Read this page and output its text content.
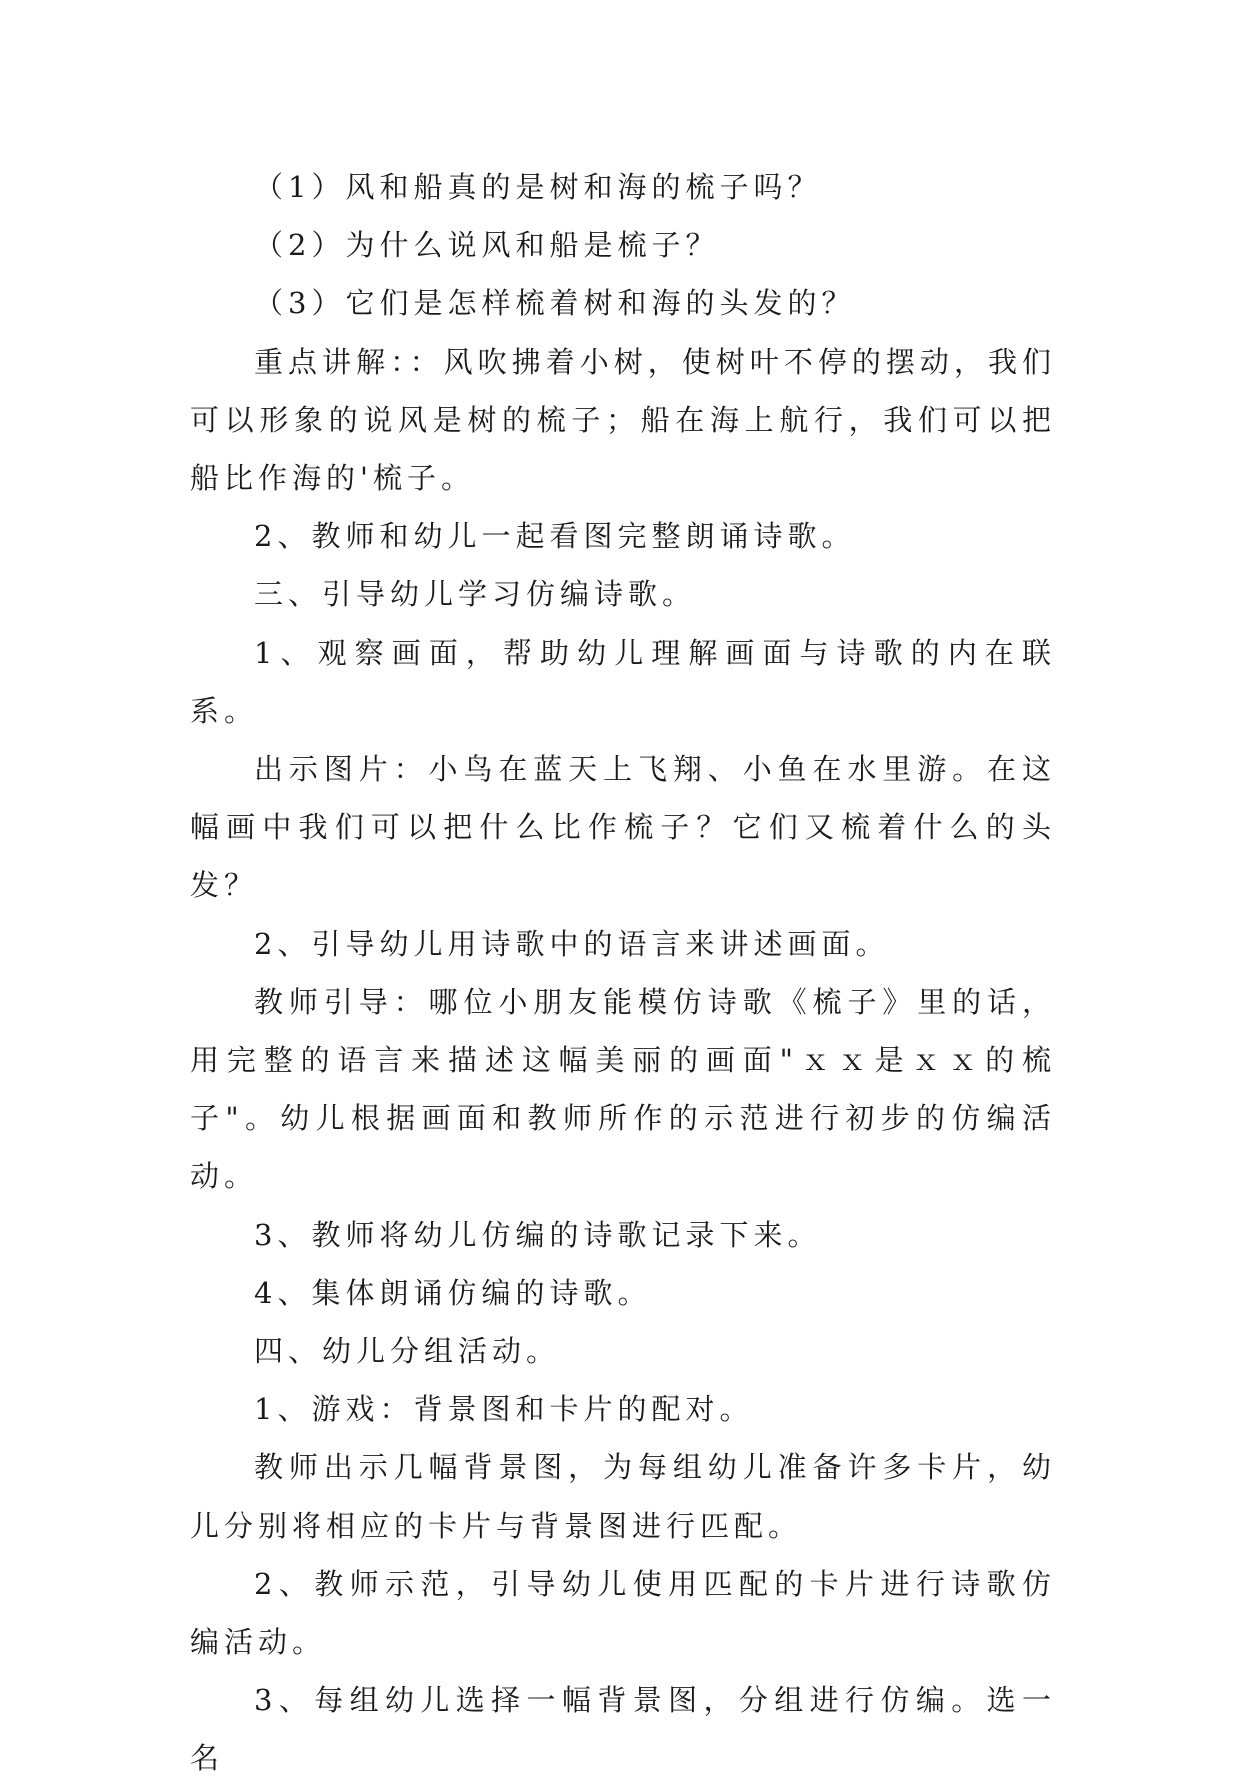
（1）风和船真的是树和海的梳子吗？

（2）为什么说风和船是梳子？

（3）它们是怎样梳着树和海的头发的？

重点讲解：：风吹拂着小树，使树叶不停的摆动，我们可以形象的说风是树的梳子；船在海上航行，我们可以把船比作海的'梳子。

2、教师和幼儿一起看图完整朗诵诗歌。

三、引导幼儿学习仿编诗歌。

1、观察画面，帮助幼儿理解画面与诗歌的内在联系。

出示图片：小鸟在蓝天上飞翔、小鱼在水里游。在这幅画中我们可以把什么比作梳子？它们又梳着什么的头发？

2、引导幼儿用诗歌中的语言来讲述画面。

教师引导：哪位小朋友能模仿诗歌《梳子》里的话，用完整的语言来描述这幅美丽的画面"ｘｘ是ｘｘ的梳子"。幼儿根据画面和教师所作的示范进行初步的仿编活动。

3、教师将幼儿仿编的诗歌记录下来。

4、集体朗诵仿编的诗歌。

四、幼儿分组活动。

1、游戏：背景图和卡片的配对。

教师出示几幅背景图，为每组幼儿准备许多卡片，幼儿分别将相应的卡片与背景图进行匹配。

2、教师示范，引导幼儿使用匹配的卡片进行诗歌仿编活动。

3、每组幼儿选择一幅背景图，分组进行仿编。选一名
